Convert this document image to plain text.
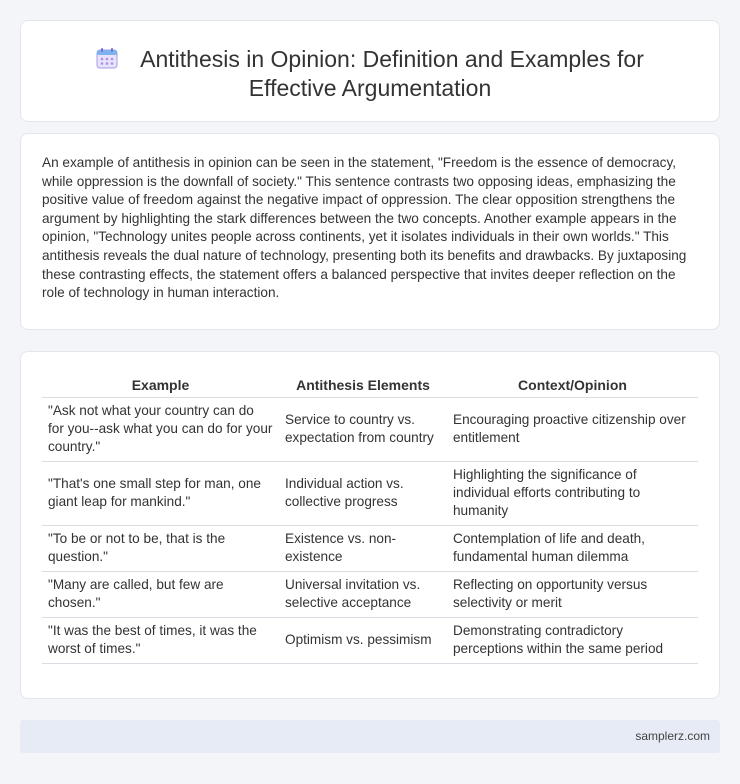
Antithesis in Opinion: Definition and Examples for Effective Argumentation

An example of antithesis in opinion can be seen in the statement, "Freedom is the essence of democracy, while oppression is the downfall of society." This sentence contrasts two opposing ideas, emphasizing the positive value of freedom against the negative impact of oppression. The clear opposition strengthens the argument by highlighting the stark differences between the two concepts. Another example appears in the opinion, "Technology unites people across continents, yet it isolates individuals in their own worlds." This antithesis reveals the dual nature of technology, presenting both its benefits and drawbacks. By juxtaposing these contrasting effects, the statement offers a balanced perspective that invites deeper reflection on the role of technology in human interaction.

Example	Antithesis Elements	Context/Opinion
"Ask not what your country can do for you--ask what you can do for your country."	Service to country vs. expectation from country	Encouraging proactive citizenship over entitlement
"That's one small step for man, one giant leap for mankind."	Individual action vs. collective progress	Highlighting the significance of individual efforts contributing to humanity
"To be or not to be, that is the question."	Existence vs. non-existence	Contemplation of life and death, fundamental human dilemma
"Many are called, but few are chosen."	Universal invitation vs. selective acceptance	Reflecting on opportunity versus selectivity or merit
"It was the best of times, it was the worst of times."	Optimism vs. pessimism	Demonstrating contradictory perceptions within the same period
samplerz.com
